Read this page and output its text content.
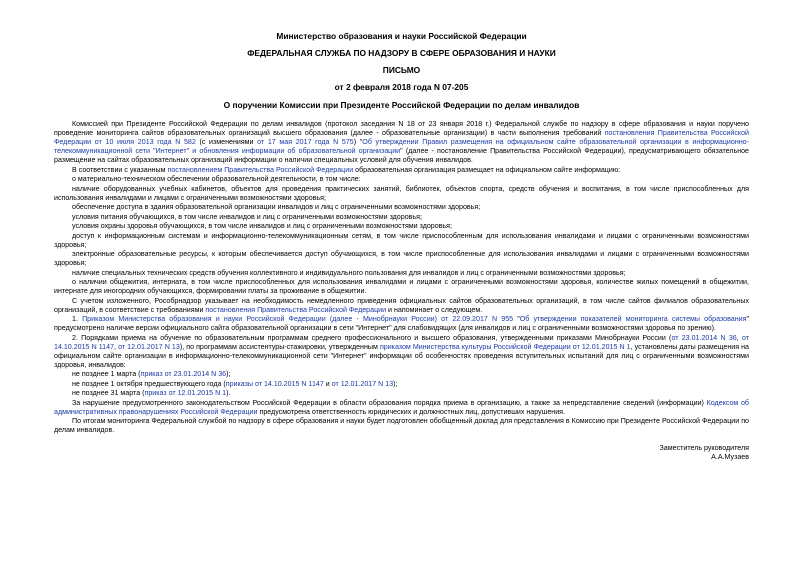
Министерство образования и науки Российской Федерации
ФЕДЕРАЛЬНАЯ СЛУЖБА ПО НАДЗОРУ В СФЕРЕ ОБРАЗОВАНИЯ И НАУКИ
ПИСЬМО
от 2 февраля 2018 года N 07-205
О поручении Комиссии при Президенте Российской Федерации по делам инвалидов

Комиссией при Президенте Российской Федерации по делам инвалидов (протокол заседания N 18 от 23 января 2018 г.) Федеральной службе по надзору в сфере образования и науки поручено проведение мониторинга сайтов образовательных организаций высшего образования (далее - образовательные организации) в части выполнения требований постановления Правительства Российской Федерации от 10 июля 2013 года N 582 (с изменениями от 17 мая 2017 года N 575) "Об утверждении Правил размещения на официальном сайте образовательной организации в информационно-телекоммуникационной сети "Интернет" и обновления информации об образовательной организации" (далее - постановление Правительства Российской Федерации), предусматривающего обязательное размещение на сайтах образовательных организаций информации о наличии специальных условий для обучения инвалидов.

В соответствии с указанным постановлением Правительства Российской Федерации образовательная организация размещает на официальном сайте информацию:

о материально-техническом обеспечении образовательной деятельности, в том числе:

наличие оборудованных учебных кабинетов, объектов для проведения практических занятий, библиотек, объектов спорта, средств обучения и воспитания, в том числе приспособленных для использования инвалидами и лицами с ограниченными возможностями здоровья;

обеспечение доступа в здания образовательной организации инвалидов и лиц с ограниченными возможностями здоровья;

условия питания обучающихся, в том числе инвалидов и лиц с ограниченными возможностями здоровья;

условия охраны здоровья обучающихся, в том числе инвалидов и лиц с ограниченными возможностями здоровья;

доступ к информационным системам и информационно-телекоммуникационным сетям, в том числе приспособленным для использования инвалидами и лицами с ограниченными возможностями здоровья;

электронные образовательные ресурсы, к которым обеспечивается доступ обучающихся, в том числе приспособленные для использования инвалидами и лицами с ограниченными возможностями здоровья;

наличие специальных технических средств обучения коллективного и индивидуального пользования для инвалидов и лиц с ограниченными возможностями здоровья;

о наличии общежития, интерната, в том числе приспособленных для использования инвалидами и лицами с ограниченными возможностями здоровья, количестве жилых помещений в общежитии, интернате для иногородних обучающихся, формировании платы за проживание в общежитии.

С учетом изложенного, Рособрнадзор указывает на необходимость немедленного приведения официальных сайтов образовательных организаций, в том числе сайтов филиалов образовательных организаций, в соответствие с требованиями постановления Правительства Российской Федерации и напоминает о следующем.

1. Приказом Министерства образования и науки Российской Федерации (далее - Минобрнауки России) от 22.09.2017 N 955 "Об утверждении показателей мониторинга системы образования" предусмотрено наличие версии официального сайта образовательной организации в сети "Интернет" для слабовидящих (для инвалидов и лиц с ограниченными возможностями здоровья по зрению).

2. Порядками приема на обучение по образовательным программам среднего профессионального и высшего образования, утвержденными приказами Минобрнауки России (от 23.01.2014 N 36, от 14.10.2015 N 1147, от 12.01.2017 N 13), по программам ассистентуры-стажировки, утвержденным приказом Министерства культуры Российской Федерации от 12.01.2015 N 1, установлены даты размещения на официальном сайте организации в информационно-телекоммуникационной сети "Интернет" информации об особенностях проведения вступительных испытаний для лиц с ограниченными возможностями здоровья, инвалидов:

не позднее 1 марта (приказ от 23.01.2014 N 36);

не позднее 1 октября предшествующего года (приказы от 14.10.2015 N 1147 и от 12.01.2017 N 13);

не позднее 31 марта (приказ от 12.01.2015 N 1).

За нарушение предусмотренного законодательством Российской Федерации в области образования порядка приема в организацию, а также за непредставление сведений (информации) Кодексом об административных правонарушениях Российской Федерации предусмотрена ответственность юридических и должностных лиц, допустивших нарушения.

По итогам мониторинга Федеральной службой по надзору в сфере образования и науки будет подготовлен обобщенный доклад для представления в Комиссию при Президенте Российской Федерации по делам инвалидов.

Заместитель руководителя
А.А.Музаев
